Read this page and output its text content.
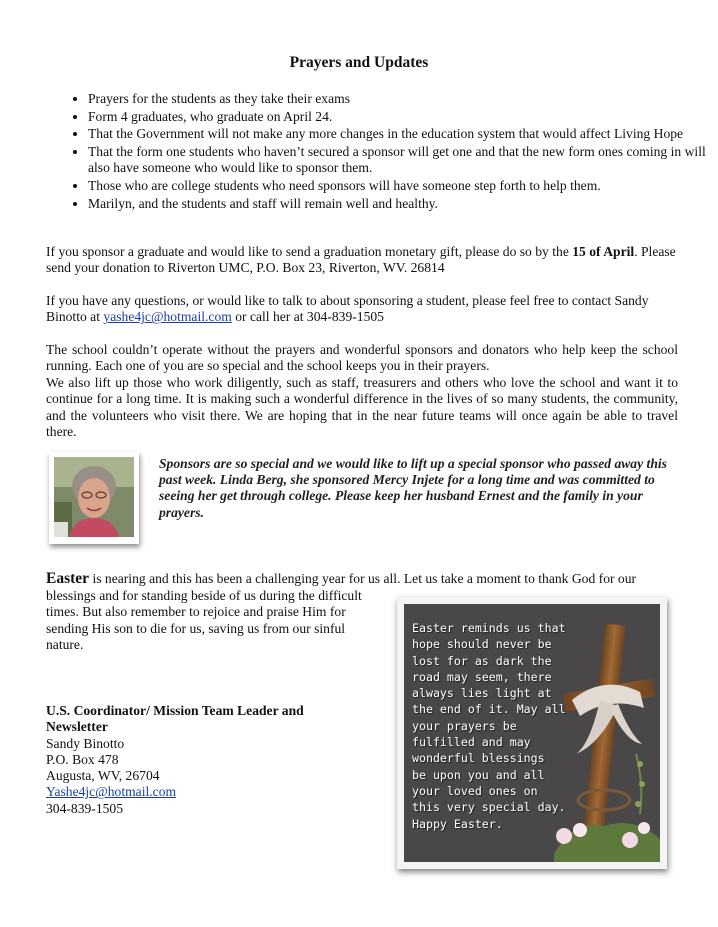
Prayers and Updates
• Prayers for the students as they take their exams
• Form 4 graduates, who graduate on April 24.
• That the Government will not make any more changes in the education system that would affect Living Hope
• That the form one students who haven’t secured a sponsor will get one and that the new form ones coming in will also have someone who would like to sponsor them.
• Those who are college students who need sponsors will have someone step forth to help them.
• Marilyn, and the students and staff will remain well and healthy.

If you sponsor a graduate and would like to send a graduation monetary gift, please do so by the 15 of April. Please send your donation to Riverton UMC, P.O. Box 23, Riverton, WV. 26814

If you have any questions, or would like to talk to about sponsoring a student, please feel free to contact Sandy Binotto at yashe4jc@hotmail.com or call her at 304-839-1505

The school couldn’t operate without the prayers and wonderful sponsors and donators who help keep the school running. Each one of you are so special and the school keeps you in their prayers.
We also lift up those who work diligently, such as staff, treasurers and others who love the school and want it to continue for a long time. It is making such a wonderful difference in the lives of so many students, the community, and the volunteers who visit there. We are hoping that in the near future teams will once again be able to travel there.

Sponsors are so special and we would like to lift up a special sponsor who passed away this past week. Linda Berg, she sponsored Mercy Injete for a long time and was committed to seeing her get through college. Please keep her husband Ernest and the family in your prayers.

Easter is nearing and this has been a challenging year for us all. Let us take a moment to thank God for our

blessings and for standing beside of us during the difficult times. But also remember to rejoice and praise Him for sending His son to die for us, saving us from our sinful nature.

Easter reminds us that
hope should never be
lost for as dark the
road may seem, there
always lies light at
the end of it. May all
your prayers be
fulfilled and may
wonderful blessings
be upon you and all
your loved ones on
this very special day.
Happy Easter.
U.S. Coordinator/ Mission Team Leader and Newsletter
Sandy Binotto
P.O. Box 478
Augusta, WV, 26704
Yashe4jc@hotmail.com
304-839-1505
